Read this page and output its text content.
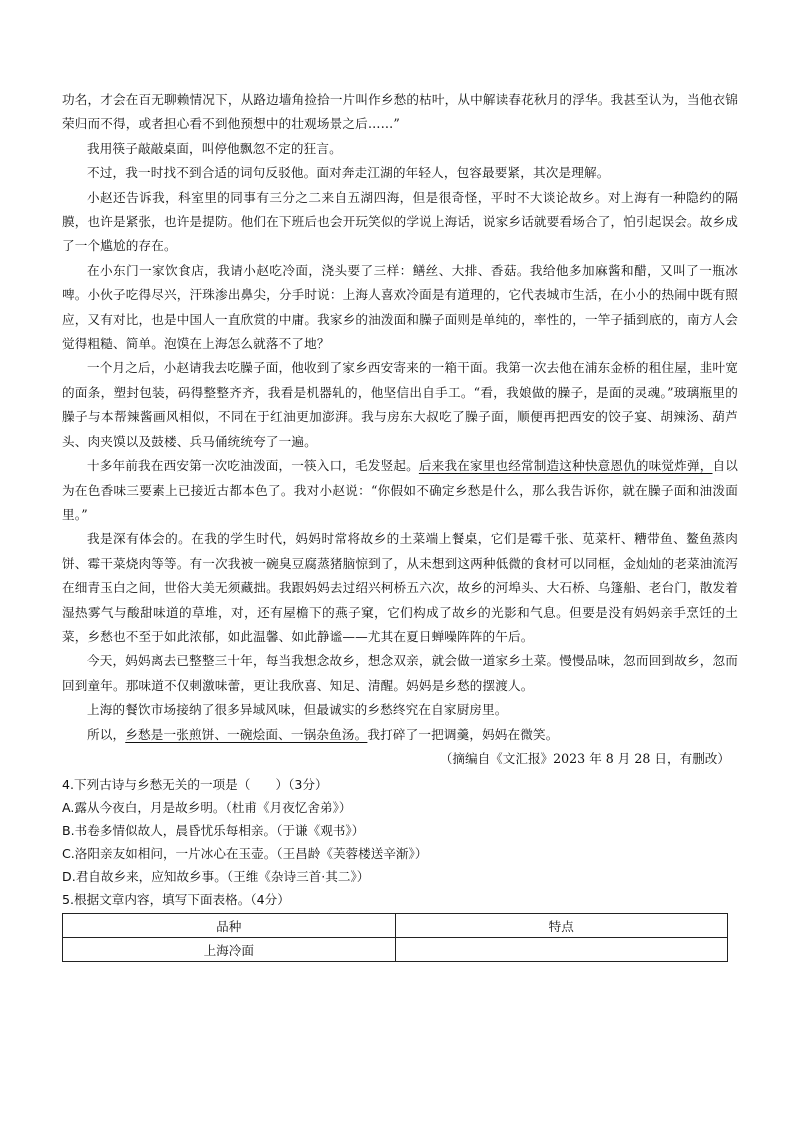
功名，才会在百无聊赖情况下，从路边墙角捡拾一片叫作乡愁的枯叶，从中解读春花秋月的浮华。我甚至认为，当他衣锦荣归而不得，或者担心看不到他预想中的壮观场景之后……”

我用筷子敲敲桌面，叫停他飘忽不定的狂言。

不过，我一时找不到合适的词句反驳他。面对奔走江湖的年轻人，包容最要紧，其次是理解。

小赵还告诉我，科室里的同事有三分之二来自五湖四海，但是很奇怪，平时不大谈论故乡。对上海有一种隐约的隔膜，也许是紧张，也许是提防。他们在下班后也会开玩笑似的学说上海话，说家乡话就要看场合了，怕引起误会。故乡成了一个尴尬的存在。

在小东门一家饮食店，我请小赵吃冷面，浇头要了三样：鳝丝、大排、香菇。我给他多加麻酱和醋，又叫了一瓶冰啤。小伙子吃得尽兴，汗珠渗出鼻尖，分手时说：上海人喜欢冷面是有道理的，它代表城市生活，在小小的热闹中既有照应，又有对比，也是中国人一直欣赏的中庸。我家乡的油泼面和臊子面则是单纯的，率性的，一竿子插到底的，南方人会觉得粗糙、简单。泡馍在上海怎么就落不了地？

一个月之后，小赵请我去吃臊子面，他收到了家乡西安寄来的一箱干面。我第一次去他在浦东金桥的租住屋，韭叶宽的面条，塑封包装，码得整整齐齐，我看是机器轧的，他坚信出自手工。“看，我娘做的臊子，是面的灵魂。”玻璃瓶里的臊子与本帮辣酱画风相似，不同在于红油更加澎湃。我与房东大叔吃了臊子面，顺便再把西安的饺子宴、胡辣汤、葫芦头、肉夹馍以及鼓楼、兵马俑统统夸了一遍。

十多年前我在西安第一次吃油泼面，一筷入口，毛发竖起。后来我在家里也经常制造这种快意恩仇的味觉炸弹，自以为在色香味三要素上已接近古都本色了。我对小赵说：“你假如不确定乡愁是什么，那么我告诉你，就在臊子面和油泼面里。”

我是深有体会的。在我的学生时代，妈妈时常将故乡的土菜端上餐桌，它们是霉千张、苋菜杆、糟带鱼、鳌鱼蒸肉饼、霉干菜烧肉等等。有一次我被一碗臭豆腐蒸猪脑惊到了，从未想到这两种低微的食材可以同框，金灿灿的老菜油流泻在细青玉白之间，世俗大美无须藏拙。我跟妈妈去过绍兴柯桥五六次，故乡的河埠头、大石桥、乌篷船、老台门，散发着湿热雾气与酸甜味道的草堆，对，还有屋檐下的燕子窠，它们构成了故乡的光影和气息。但要是没有妈妈亲手烹饪的土菜，乡愁也不至于如此浓郁，如此温馨、如此静谧——尤其在夏日蝉噪阵阵的午后。

今天，妈妈离去已整整三十年，每当我想念故乡，想念双亲，就会做一道家乡土菜。慢慢品味，忽而回到故乡，忽而回到童年。那味道不仅刺激味蕾，更让我欣喜、知足、清醒。妈妈是乡愁的摆渡人。

上海的餐饮市场接纳了很多异域风味，但最诚实的乡愁终究在自家厨房里。

所以，乡愁是一张煎饼、一碗烩面、一锅杂鱼汤。我打碎了一把调羹，妈妈在微笑。

（摘编自《文汇报》2023 年 8 月 28 日，有删改）

4.下列古诗与乡愁无关的一项是（　　）（3分）

A.露从今夜白，月是故乡明。（杜甫《月夜忆舍弟》）

B.书卷多情似故人，晨昏忧乐每相亲。（于谦《观书》）

C.洛阳亲友如相问，一片冰心在玉壶。（王昌龄《芙蓉楼送辛渐》）

D.君自故乡来，应知故乡事。（王维《杂诗三首·其二》）

5.根据文章内容，填写下面表格。（4分）

品种	特点
上海冷面	
